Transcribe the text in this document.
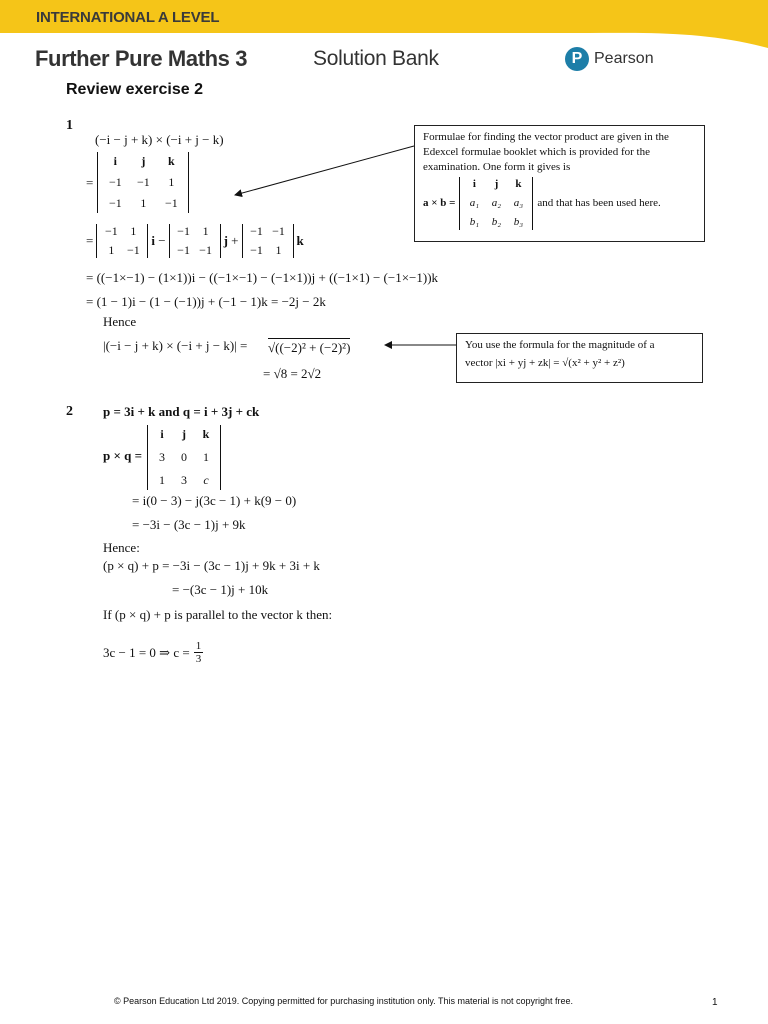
INTERNATIONAL A LEVEL
Further Pure Maths 3	Solution Bank	P Pearson
Review exercise 2
1
(−i − j + k) × (−i + j − k)
=
i	j	k
−1	−1	1
−1	1	−1
=
−1	1
1	−1
i −
−1	1
−1 −1
j +
−1 −1
−1	1
k
= ((−1×−1) − (1×1))i − ((−1×−1) − (−1×1))j + ((−1×1) − (−1×−1))k
= (1 − 1)i − (1 − (−1))j + (−1 − 1)k = −2j − 2k
Hence
|(−i − j + k) × (−i + j − k)| = √((−2)² + (−2)²)
= √8 = 2√2
Formulae for finding the vector product are given in the Edexcel formulae booklet which is provided for the examination. One form it gives is
a × b =
i	j	k
a₁	a₂	a₃
b₁	b₂	b₃
and that has been used here.
You use the formula for the magnitude of a
vector |xi + yj + zk| = √(x² + y² + z²)
2 p = 3i + k and q = i + 3j + ck
p × q =
i	j	k
3	0	1
1	3	c
= i(0 − 3) − j(3c − 1) + k(9 − 0)
= −3i − (3c − 1)j + 9k
Hence:
(p × q) + p = −3i − (3c − 1)j + 9k + 3i + k
= −(3c − 1)j + 10k
If (p × q) + p is parallel to the vector k then:
3c − 1 = 0 ⇒ $c = \frac{1}{3}$
© Pearson Education Ltd 2019. Copying permitted for purchasing institution only. This material is not copyright free.	1
